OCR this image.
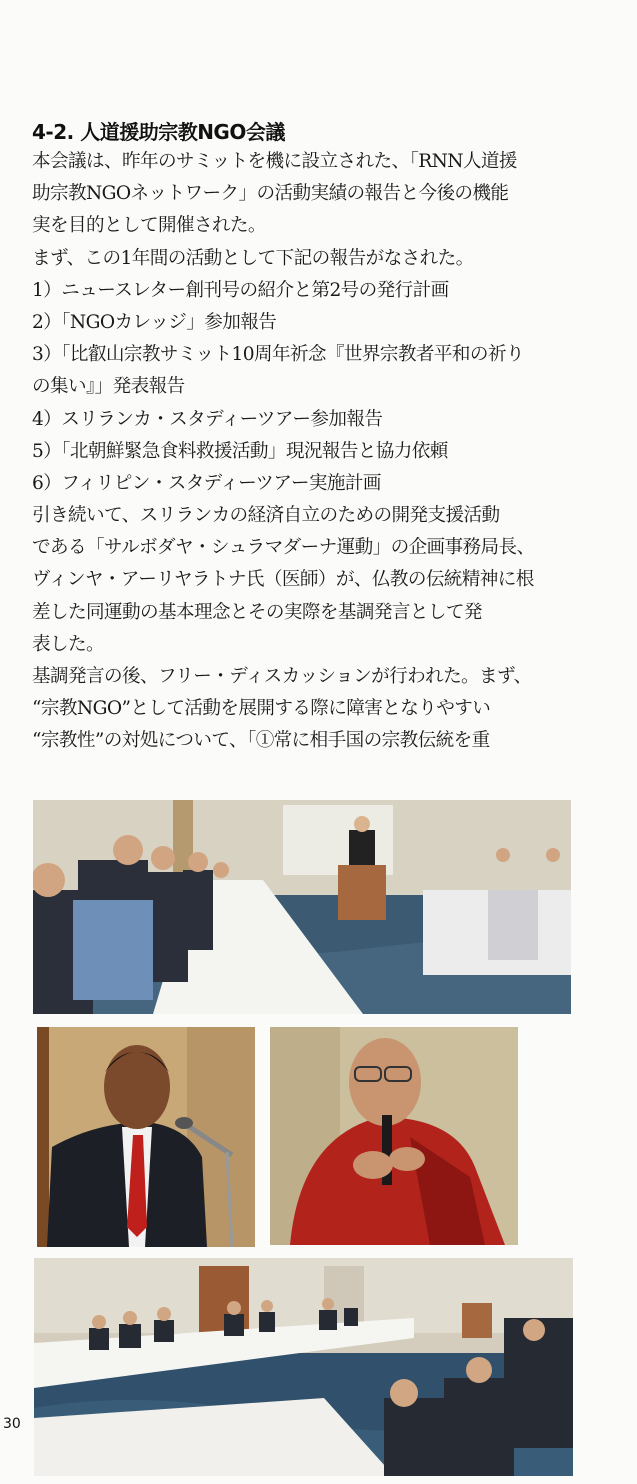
4-2. 人道援助宗教NGO会議
本会議は、昨年のサミットを機に設立された、「RNN人道援
助宗教NGOネットワーク」の活動実績の報告と今後の機能
実を目的として開催された。
まず、この1年間の活動として下記の報告がなされた。
1）ニュースレター創刊号の紹介と第2号の発行計画
2）「NGOカレッジ」参加報告
3）「比叡山宗教サミット10周年祈念『世界宗教者平和の祈り
の集い』」発表報告
4）スリランカ・スタディーツアー参加報告
5）「北朝鮮緊急食料救援活動」現況報告と協力依頼
6）フィリピン・スタディーツアー実施計画
引き続いて、スリランカの経済自立のための開発支援活動
である「サルボダヤ・シュラマダーナ運動」の企画事務局長、
ヴィンヤ・アーリヤラトナ氏（医師）が、仏教の伝統精神に根
差した同運動の基本理念とその実際を基調発言として発
表した。
基調発言の後、フリー・ディスカッションが行われた。まず、
“宗教NGO”として活動を展開する際に障害となりやすい
“宗教性”の対処について、「①常に相手国の宗教伝統を重
30
